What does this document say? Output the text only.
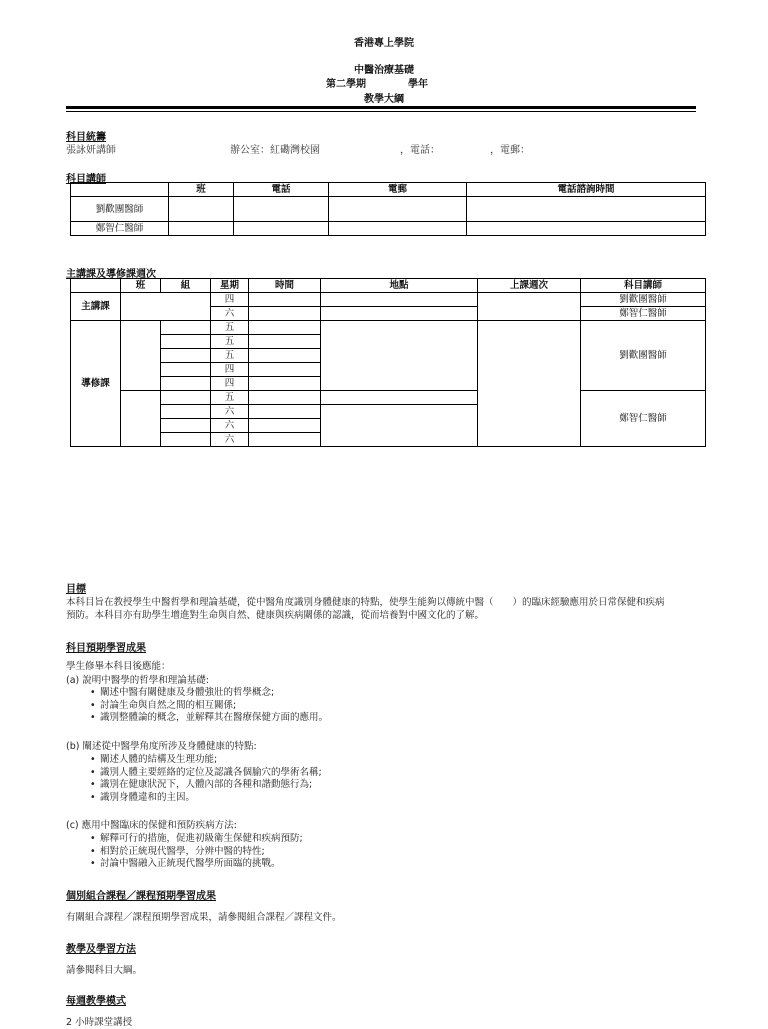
香港專上學院
中醫治療基礎
第二學期	學年
教學大綱
科目統籌
張詠妍講師	辦公室：紅磡灣校園	，電話：	，電郵：
科目講師
	班	電話	電郵	電話諮詢時間
劉歡團醫師				
鄭智仁醫師				
主講課及導修課週次
	班	組	星期	時間	地點	上課週次	科目講師
主講課			四				劉歡團醫師
			六				鄭智仁醫師
導修課			五				劉歡團醫師
			五				
			五				
			四				
			四				
			五				鄭智仁醫師
			六				
			六				
			六				
目標
本科目旨在教授學生中醫哲學和理論基礎，從中醫角度識別身體健康的特點，使學生能夠以傳統中醫（　　）的臨床經驗應用於日常保健和疾病
預防。本科目亦有助學生增進對生命與自然、健康與疾病關係的認識，從而培養對中國文化的了解。
科目預期學習成果
學生修畢本科目後應能：
(a) 說明中醫學的哲學和理論基礎:
• 闡述中醫有關健康及身體強壯的哲學概念;
• 討論生命與自然之間的相互關係;
• 識別整體論的概念，並解釋其在醫療保健方面的應用。
(b) 闡述從中醫學角度所涉及身體健康的特點:
• 闡述人體的結構及生理功能;
• 識別人體主要經絡的定位及認識各個腧穴的學術名稱;
• 識別在健康狀況下，人體內部的各種和諧動態行為;
• 識別身體違和的主因。
(c) 應用中醫臨床的保健和預防疾病方法:
• 解釋可行的措施，促進初級衛生保健和疾病預防;
• 相對於正統現代醫學，分辨中醫的特性;
• 討論中醫融入正統現代醫學所面臨的挑戰。
個別組合課程／課程預期學習成果
有關組合課程／課程預期學習成果，請參閱組合課程／課程文件。
教學及學習方法
請參閱科目大綱。
每週教學模式
2 小時課堂講授
